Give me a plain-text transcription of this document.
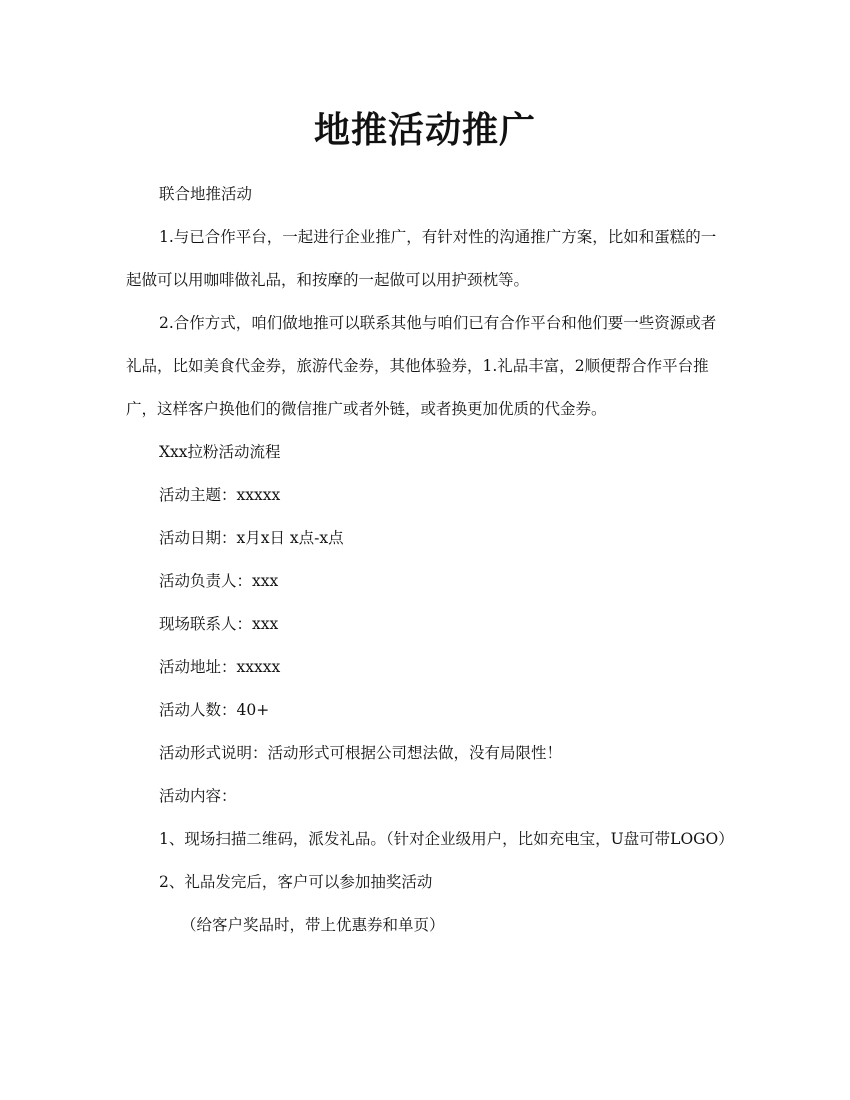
地推活动推广

联合地推活动

1.与已合作平台，一起进行企业推广，有针对性的沟通推广方案，比如和蛋糕的一起做可以用咖啡做礼品，和按摩的一起做可以用护颈枕等。

2.合作方式，咱们做地推可以联系其他与咱们已有合作平台和他们要一些资源或者礼品，比如美食代金券，旅游代金券，其他体验券，1.礼品丰富，2顺便帮合作平台推广，这样客户换他们的微信推广或者外链，或者换更加优质的代金券。

Xxx拉粉活动流程

活动主题：xxxxx

活动日期：x月x日 x点-x点

活动负责人：xxx

现场联系人：xxx

活动地址：xxxxx

活动人数：40+

活动形式说明：活动形式可根据公司想法做，没有局限性！

活动内容：

1、现场扫描二维码，派发礼品。（针对企业级用户，比如充电宝，U盘可带LOGO）

2、礼品发完后，客户可以参加抽奖活动

（给客户奖品时，带上优惠券和单页）
